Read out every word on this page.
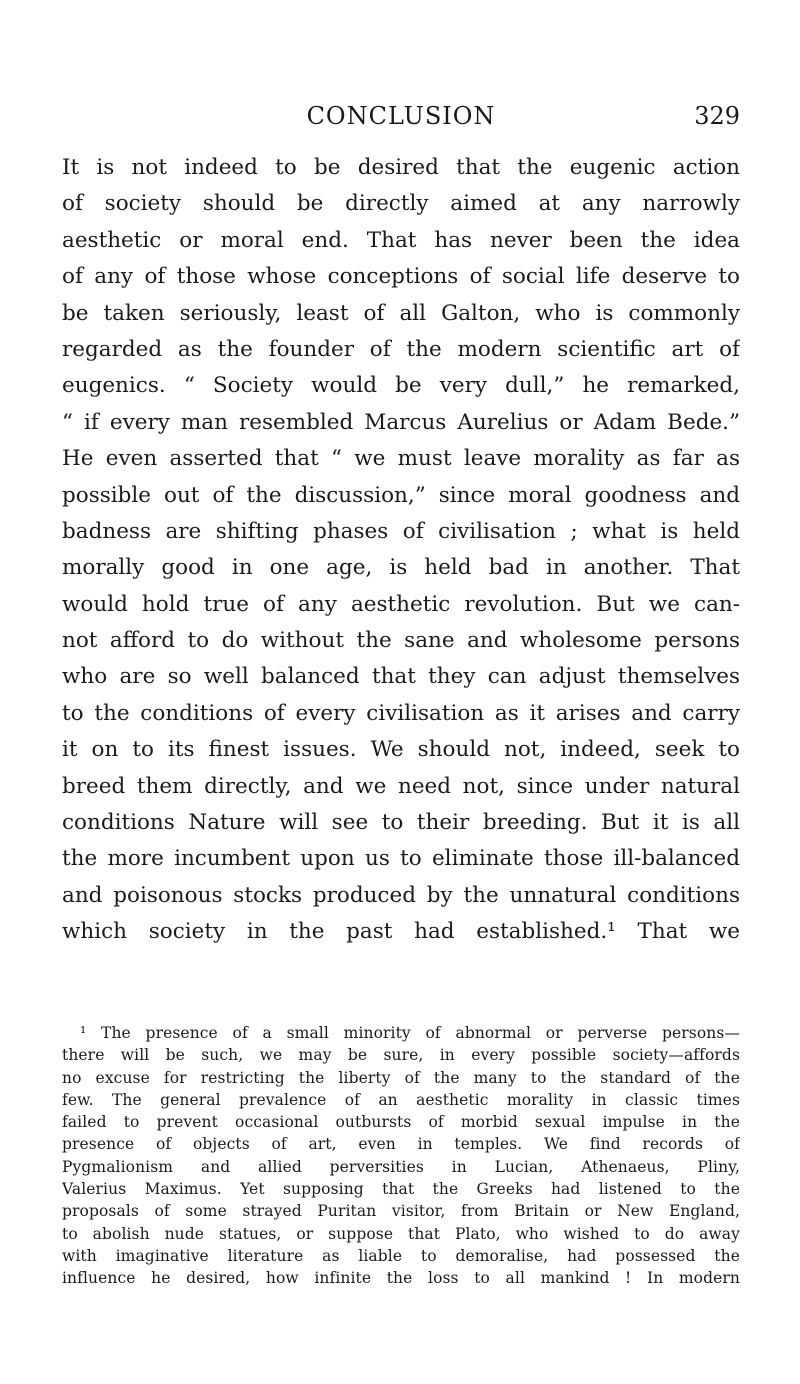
CONCLUSION	329
It is not indeed to be desired that the eugenic action
of society should be directly aimed at any narrowly
aesthetic or moral end. That has never been the idea
of any of those whose conceptions of social life deserve to
be taken seriously, least of all Galton, who is commonly
regarded as the founder of the modern scientific art of
eugenics. “ Society would be very dull,” he remarked,
“ if every man resembled Marcus Aurelius or Adam Bede.”
He even asserted that “ we must leave morality as far as
possible out of the discussion,” since moral goodness and
badness are shifting phases of civilisation ; what is held
morally good in one age, is held bad in another. That
would hold true of any aesthetic revolution. But we can-
not afford to do without the sane and wholesome persons
who are so well balanced that they can adjust themselves
to the conditions of every civilisation as it arises and carry
it on to its finest issues. We should not, indeed, seek to
breed them directly, and we need not, since under natural
conditions Nature will see to their breeding. But it is all
the more incumbent upon us to eliminate those ill-balanced
and poisonous stocks produced by the unnatural conditions
which society in the past had established.¹ That we
¹ The presence of a small minority of abnormal or perverse persons—
there will be such, we may be sure, in every possible society—affords
no excuse for restricting the liberty of the many to the standard of the
few. The general prevalence of an aesthetic morality in classic times
failed to prevent occasional outbursts of morbid sexual impulse in the
presence of objects of art, even in temples. We find records of
Pygmalionism and allied perversities in Lucian, Athenaeus, Pliny,
Valerius Maximus. Yet supposing that the Greeks had listened to the
proposals of some strayed Puritan visitor, from Britain or New England,
to abolish nude statues, or suppose that Plato, who wished to do away
with imaginative literature as liable to demoralise, had possessed the
influence he desired, how infinite the loss to all mankind ! In modern
